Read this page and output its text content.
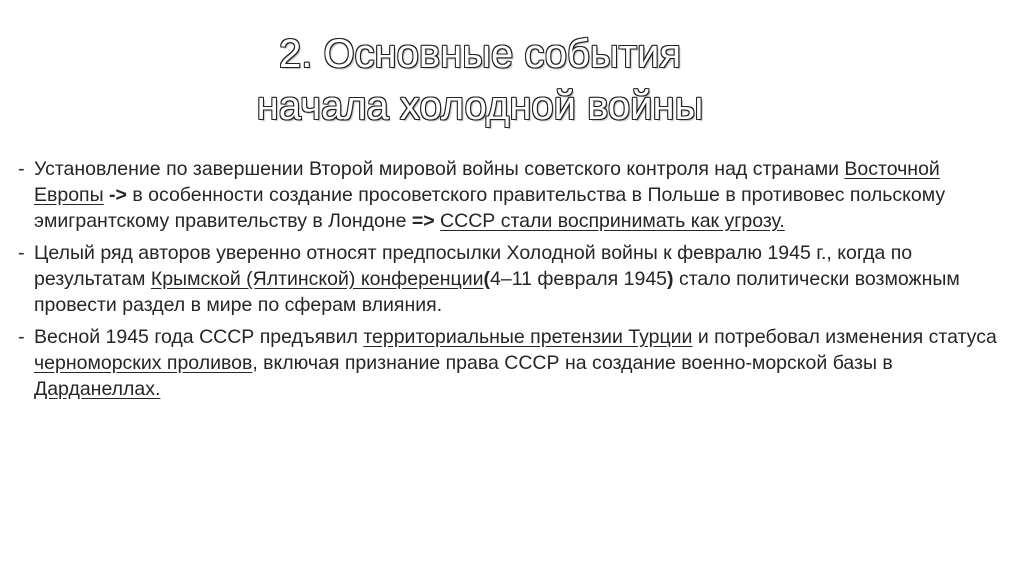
2. Основные события
начала холодной войны
- Установление по завершении Второй мировой войны советского контроля над странами Восточной Европы -> в особенности создание просоветского правительства в Польше в противовес польскому эмигрантскому правительству в Лондоне => СССР стали воспринимать как угрозу.
- Целый ряд авторов уверенно относят предпосылки Холодной войны к февралю 1945 г., когда по результатам Крымской (Ялтинской) конференции(4–11 февраля 1945) стало политически возможным провести раздел в мире по сферам влияния.
- Весной 1945 года СССР предъявил территориальные претензии Турции и потребовал изменения статуса черноморских проливов, включая признание права СССР на создание военно-морской базы в Дарданеллах.
